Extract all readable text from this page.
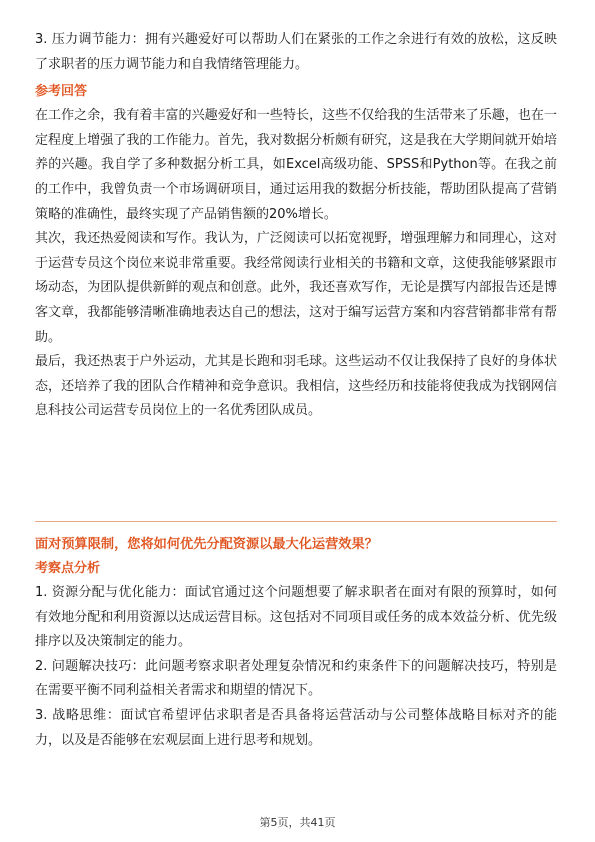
3. 压力调节能力：拥有兴趣爱好可以帮助人们在紧张的工作之余进行有效的放松，这反映了求职者的压力调节能力和自我情绪管理能力。

参考回答

在工作之余，我有着丰富的兴趣爱好和一些特长，这些不仅给我的生活带来了乐趣，也在一定程度上增强了我的工作能力。首先，我对数据分析颇有研究，这是我在大学期间就开始培养的兴趣。我自学了多种数据分析工具，如Excel高级功能、SPSS和Python等。在我之前的工作中，我曾负责一个市场调研项目，通过运用我的数据分析技能，帮助团队提高了营销策略的准确性，最终实现了产品销售额的20%增长。

其次，我还热爱阅读和写作。我认为，广泛阅读可以拓宽视野，增强理解力和同理心，这对于运营专员这个岗位来说非常重要。我经常阅读行业相关的书籍和文章，这使我能够紧跟市场动态，为团队提供新鲜的观点和创意。此外，我还喜欢写作，无论是撰写内部报告还是博客文章，我都能够清晰准确地表达自己的想法，这对于编写运营方案和内容营销都非常有帮助。

最后，我还热衷于户外运动，尤其是长跑和羽毛球。这些运动不仅让我保持了良好的身体状态，还培养了我的团队合作精神和竞争意识。我相信，这些经历和技能将使我成为找钢网信息科技公司运营专员岗位上的一名优秀团队成员。

面对预算限制，您将如何优先分配资源以最大化运营效果？

考察点分析

1. 资源分配与优化能力：面试官通过这个问题想要了解求职者在面对有限的预算时，如何有效地分配和利用资源以达成运营目标。这包括对不同项目或任务的成本效益分析、优先级排序以及决策制定的能力。

2. 问题解决技巧：此问题考察求职者处理复杂情况和约束条件下的问题解决技巧，特别是在需要平衡不同利益相关者需求和期望的情况下。

3. 战略思维：面试官希望评估求职者是否具备将运营活动与公司整体战略目标对齐的能力，以及是否能够在宏观层面上进行思考和规划。

第5页，共41页
